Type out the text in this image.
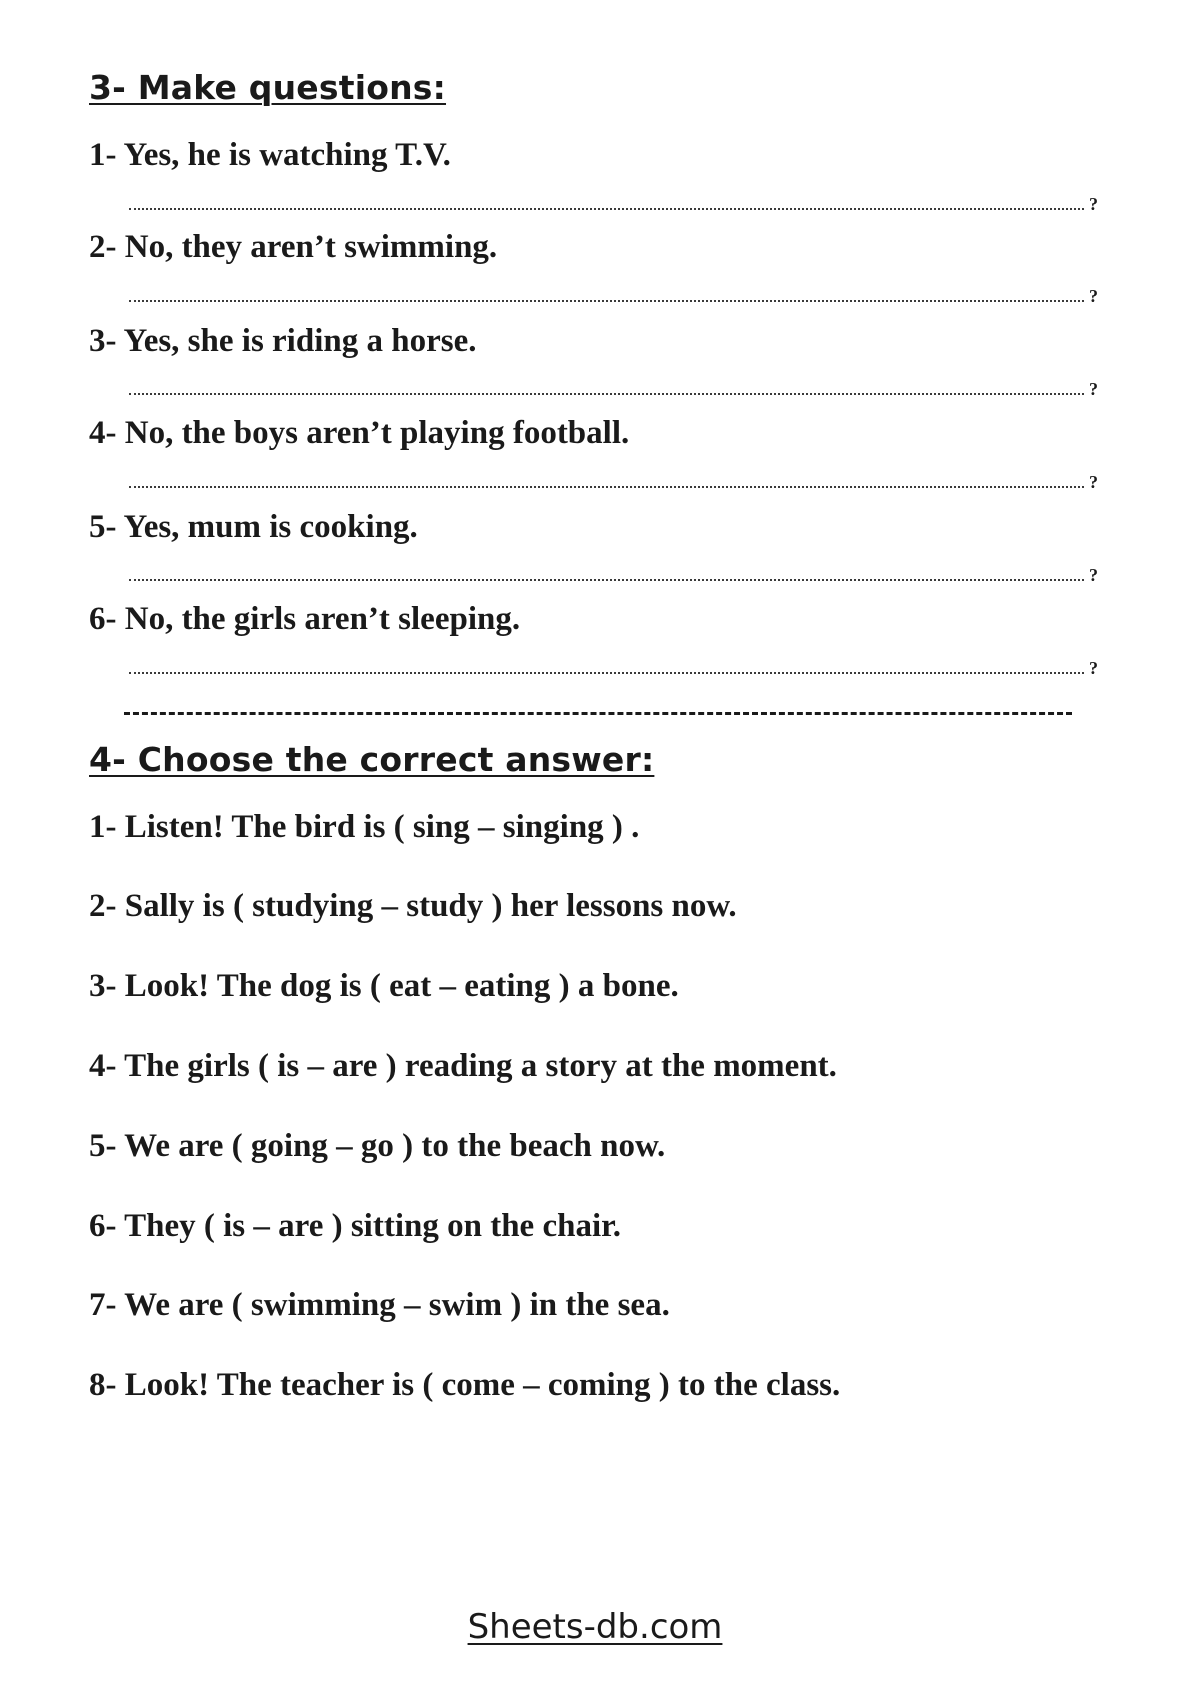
3- Make questions:
1- Yes, he is watching T.V.
?
2- No, they aren’t swimming.
?
3- Yes, she is riding a horse.
?
4- No, the boys aren’t playing football.
?
5- Yes, mum is cooking.
?
6- No, the girls aren’t sleeping.
?
4- Choose the correct answer:
1- Listen! The bird is ( sing – singing ) .
2- Sally is ( studying – study ) her lessons now.
3- Look! The dog is ( eat – eating ) a bone.
4- The girls ( is – are ) reading a story at the moment.
5- We are ( going – go ) to the beach now.
6- They ( is – are ) sitting on the chair.
7- We are ( swimming – swim ) in the sea.
8- Look! The teacher is ( come – coming ) to the class.
Sheets-db.com
